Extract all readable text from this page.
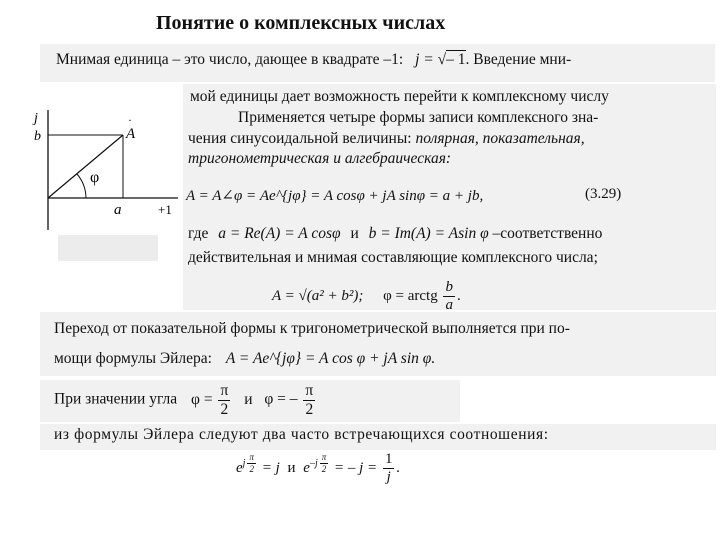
Понятие о комплексных числах
Мнимая единица – это число, дающее в квадрате –1: j = √– 1. Введение мни-
мой единицы дает возможность перейти к комплексному числу
Применяется четыре формы записи комплексного зна-
чения синусоидальной величины: полярная, показательная,
тригонометрическая и алгебраическая:
j
b	A
·
φ
a	+1
A = A∠φ = Ae^{jφ} = A cosφ + jA sinφ = a + jb,	(3.29)
где a = Re(A) = A cosφ и b = Im(A) = Asin φ –соответственно
действительная и мнимая составляющие комплексного числа;
A = √(a² + b²); φ = arctg $\frac{b}{a}$ .
Переход от показательной формы к тригонометрической выполняется при по-
мощи формулы Эйлера: A = Ae^{jφ} = A cos φ + jA sin φ.
При значении угла $\varphi = \frac{\pi}{2}$ и φ = – $\frac{\pi}{2}$
из формулы Эйлера следуют два часто встречающихся соотношения:
$e^{j \frac{\pi}{2}} = j$ и $e^{-j \frac{\pi}{2}}$ = – $j = \frac{1}{j}$ .
